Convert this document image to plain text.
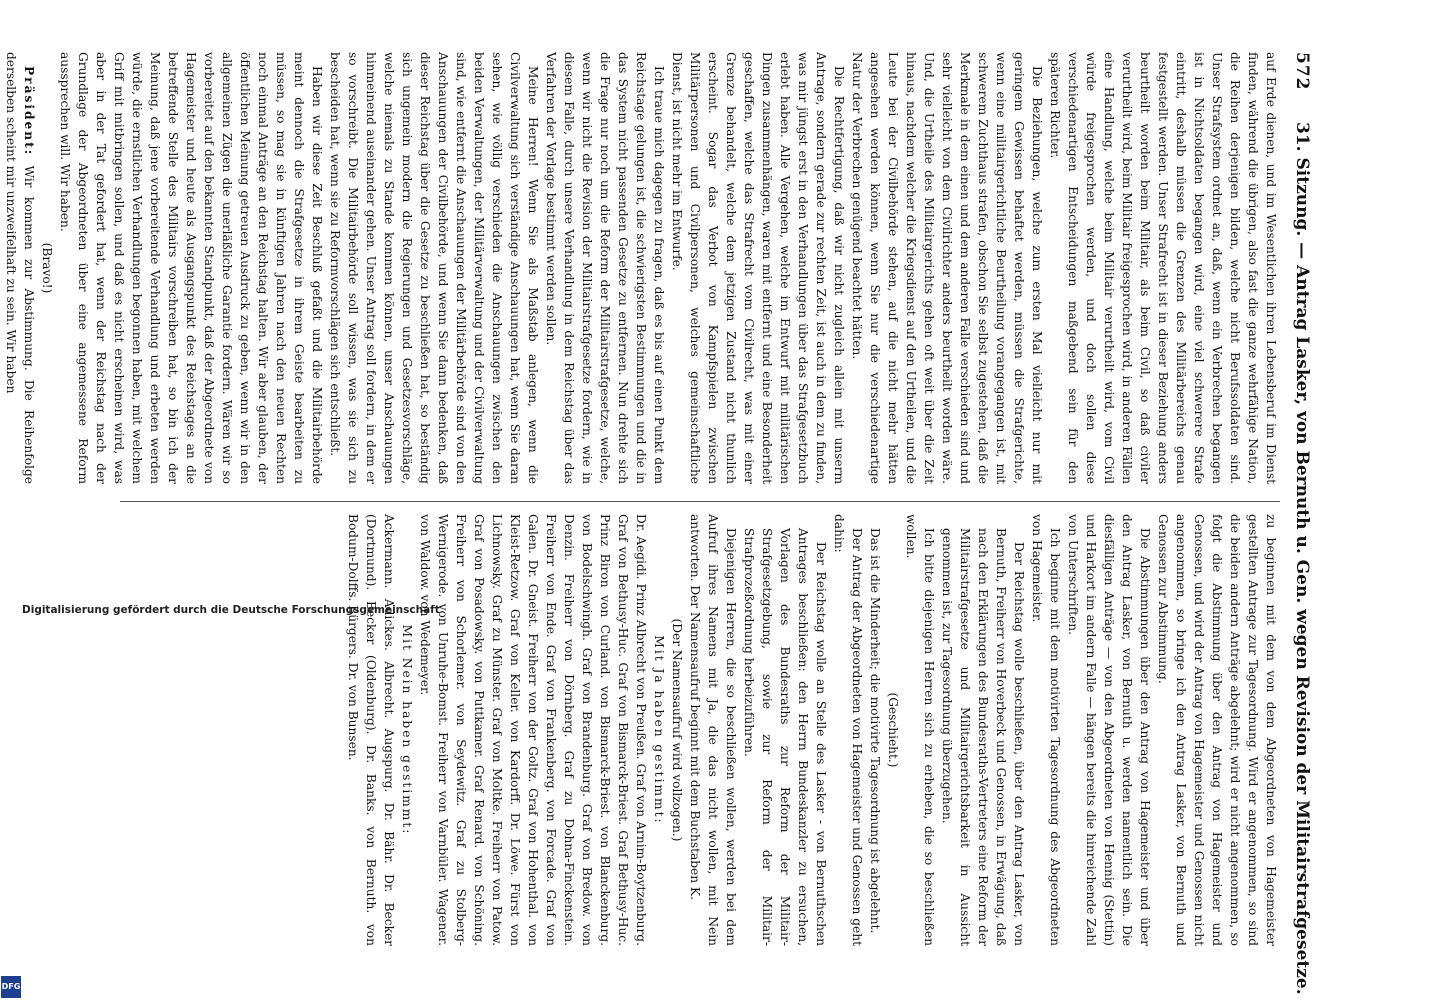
572
31. Sitzung. — Antrag Lasker, von Bernuth u. Gen. wegen Revision der Militairstrafgesetze.

auf Erde dienen, und im Wesentlichen ihren Lebensberuf im Dienst finden, während die übrigen, also fast die ganze wehrfähige Nation, die Reihen derjenigen bilden, welche nicht Berufssoldaten sind. Unser Strafsystem ordnet an, daß, wenn ein Verbrechen begangen ist in Nichtsoldaten begangen wird, eine viel schwerere Strafe eintritt, deshalb müssen die Grenzen des Militärbereichs genau festgestellt werden. Unser Strafrecht ist in dieser Beziehung anders beurtheilt worden beim Militair, als beim Civil, so daß civiler verurtheilt wird, beim Militair freigesprochen wird, in anderen Fällen eine Handlung, welche beim Militair verurtheilt wird, vom Civil würde freigesprochen werden, und doch sollen diese verschiedenartigen Entscheidungen maßgebend sein für den späteren Richter.

Die Beziehungen, welche zum ersten Mal vielleicht nur mit geringem Gewissen behaftet werden, müssen die Strafgerichte, wenn eine militairgerichtliche Beurtheilung vorangegangen ist, mit schwerem Zuchthaus strafen, obschon Sie selbst zugestehen, daß die Merkmale in dem einen und dem anderen Falle verschieden sind und sehr vielleicht von dem Civilrichter anders beurtheilt worden wäre. Und, die Urtheile des Militairgerichts gehen oft weit über die Zeit hinaus, nachdem welcher die Kriegsdienst auf den Urtheilen, und die Leute bei der Civilbehörde stehen, auf die nicht mehr hätten angesehen werden können, wenn Sie nur die verschiedenartige Natur der Verbrechen genügend beachtet hätten.

Die Rechtfertigung, daß wir nicht zugleich allein mit unserm Antrage, sondern gerade zur rechten Zeit, ist auch in dem zu finden, was mir jüngst erst in den Verhandlungen über das Strafgesetzbuch erlebt haben. Alle Vergehen, welche im Entwurf mit militärischen Dingen zusammenhängen, waren mit entfernt und eine Besonderheit geschaffen, welche das Strafrecht vom Civilrecht, was mit einer Grenze behandelt, welche dem jetzigen Zustand nicht thunlich erscheint. Sogar das Verbot von Kampfspielen zwischen Militärpersonen und Civilpersonen, welches gemeinschaftliche Dienst, ist nicht mehr im Entwurfe.

Ich traue mich dagegen zu fragen, daß es bis auf einen Punkt dem Reichstage gelungen ist, die schwierigsten Bestimmungen und die in das System nicht passenden Gesetze zu entfernen. Nun drehte sich die Frage nur noch um die Reform der Militairstrafgesetze, welche, wenn wir nicht die Revision der Militairstrafgesetze fordern, wie in diesem Falle, durch unsere Verhandlung in dem Reichstag über das Verfahren der Vorlage bestimmt werden sollen.

Meine Herren! Wenn Sie als Maßstab anlegen, wenn die Civilverwaltung sich verständige Anschauungen hat, wenn Sie daran sehen, wie völlig verschieden die Anschauungen zwischen den beiden Verwaltungen, der Militärverwaltung und der Civilverwaltung sind, wie entfernt die Anschauungen der Militärbehörde sind von den Anschauungen der Civilbehörde, und wenn Sie dann bedenken, daß dieser Reichstag über die Gesetze zu beschließen hat, so beständig sich ungemein modern die Regierungen und Gesetzesvorschläge, welche niemals zu Stande kommen können, unser Anschauungen hinmeinend auseinander gehen. Unser Antrag soll fordern, in dem er so vorschreibt. Die Militairbehörde soll wissen, was sie sich zu bescheiden hat, wenn sie zu Reformvorschlägen sich entschließt.

Haben wir diese Zeit Beschluß gefaßt und die Militairbehörde meint dennoch die Strafgesetze in ihrem Geiste bearbeiten zu müssen, so mag sie in künftigen Jahren nach den neuen Rechten noch einmal Anträge an den Reichstag halten. Wir aber glauben, der öffentlichen Meinung getreuen Ausdruck zu geben, wenn wir in den allgemeinen Zügen die unerläßliche Garantie fordern. Wären wir so vorbereitet auf den bekannten Standpunkt, daß der Abgeordnete von Hagemeister und heute als Ausgangspunkt des Reichstages an die betreffende Stelle des Militairs vorschreiben hat, so bin ich der Meinung, daß jene vorbereitende Verhandlung und erbeten werden würde, die ernstlichen Verhandlungen begonnen haben, mit welchem Griff mit mitbringen sollen, und daß es nicht erscheinen wird, was aber in der Tat gefordert hat, wenn der Reichstag nach der Grundlage der Abgeordneten über eine angemessene Reform aussprechen will. Wir haben.

(Bravo!)

Präsident: Wir kommen zur Abstimmung. Die Reihenfolge derselben scheint mir unzweifelhaft zu sein. Wir haben

zu beginnen mit dem von dem Abgeordneten von Hagemeister gestellten Antrage zur Tagesordnung. Wird er angenommen, so sind die beiden andern Anträge abgelehnt; wird er nicht angenommen, so folgt die Abstimmung über den Antrag von Hagemeister und Genossen, und wird der Antrag von Hagemeister und Genossen nicht angenommen, so bringe ich den Antrag Lasker, von Bernuth und Genossen zur Abstimmung.

Die Abstimmungen über den Antrag von Hagemeister und über den Antrag Lasker, von Bernuth u. werden namentlich sein. Die diesfälligen Anträge — von den Abgeordneten von Hennig (Stettin) und Harkort im andern Falle — hängen bereits die hinreichende Zahl von Unterschriften.

Ich beginne mit dem motivirten Tagesordnung des Abgeordneten von Hagemeister.

Der Reichstag wolle beschließen, über den Antrag Lasker, von Bernuth, Freiherr von Hoverbeck und Genossen, in Erwägung, daß nach den Erklärungen des Bundesraths-Vertreters eine Reform der Militairstrafgesetze und Militairgerichtsbarkeit in Aussicht genommen ist, zur Tagesordnung überzugehen.

Ich bitte diejenigen Herren sich zu erheben, die so beschließen wollen.

(Geschieht.)

Das ist die Minderheit; die motivirte Tagesordnung ist abgelehnt.

Der Antrag der Abgeordneten von Hagemeister und Genossen geht dahin:

Der Reichstag wolle an Stelle des Lasker - von Bernuthschen Antrages beschließen: den Herrn Bundeskanzler zu ersuchen, Vorlagen des Bundesraths zur Reform der Militair-Strafgesetzgebung, sowie zur Reform der Militair-Strafprozeßordnung herbeizuführen.

Diejenigen Herren, die so beschließen wollen, werden bei dem Aufruf ihres Namens mit Ja, die das nicht wollen, mit Nein antworten. Der Namensaufruf beginnt mit dem Buchstaben K.

(Der Namensaufruf wird vollzogen.)

Mit Ja haben gestimmt:

Dr. Aegidi. Prinz Albrecht von Preußen. Graf von Arnim-Boytzenburg. Graf von Bethusy-Huc. Graf von Bismarck-Briest. Graf Bethusy-Huc. Prinz Biron von Curland. von Bismarck-Briest. von Blanckenburg. von Bodelschwingh. Graf von Brandenburg. Graf von Bredow. von Denzin. Freiherr von Dörnberg. Graf zu Dohna-Finckenstein. Freiherr von Ende. Graf von Frankenberg. von Forcade. Graf von Galen. Dr. Gneist. Freiherr von der Goltz. Graf von Hohenthal. von Kleist-Retzow. Graf von Keller. von Kardorff. Dr. Löwe. Fürst von Lichnowsky. Graf zu Münster. Graf von Moltke. Freiherr von Patow. Graf von Posadowsky. von Puttkamer. Graf Renard. von Schöning. Freiherr von Schorlemer. von Seydewitz. Graf zu Stolberg-Wernigerode. von Unruhe-Bomst. Freiherr von Varnbüler. Wagener. von Waldow. von Wedemeyer.

Mit Nein haben gestimmt:

Ackermann. Adickes. Albrecht. Augspurg. Dr. Bähr. Dr. Becker (Dortmund). Becker (Oldenburg). Dr. Banks. von Bernuth. von Bodum-Dolffs. Bürgers. Dr. von Bunsen.

Digitalisierung gefördert durch die Deutsche Forschungsgemeinschaft
DFG
